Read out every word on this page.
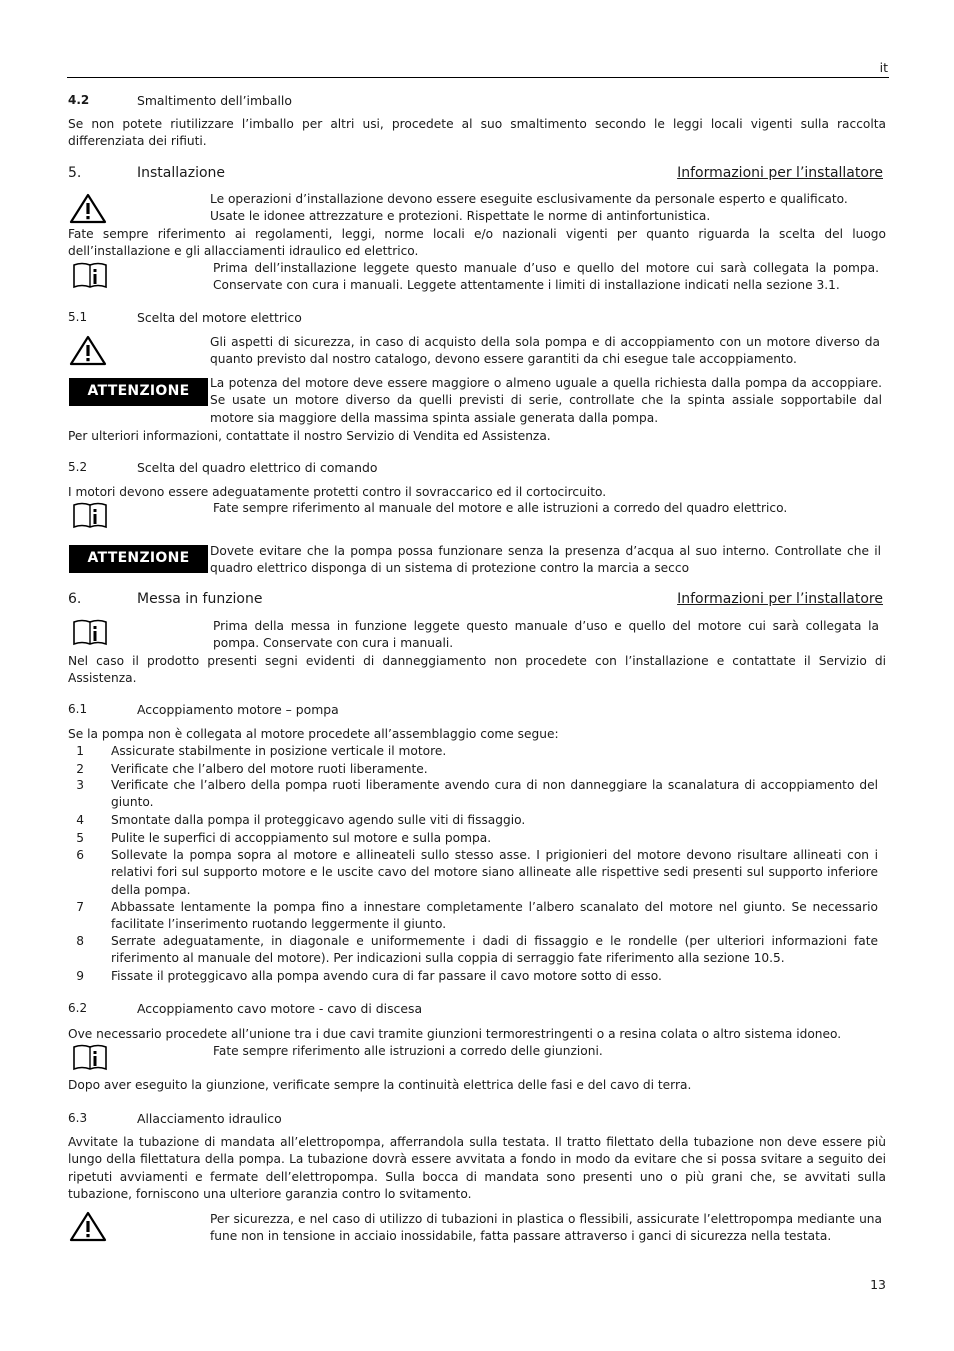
it
4.2	Smaltimento dell’imballo
Se non potete riutilizzare l’imballo per altri usi, procedete al suo smaltimento secondo le leggi locali vigenti sulla raccolta differenziata dei rifiuti.
5.	Installazione	Informazioni per l’installatore
Le operazioni d’installazione devono essere eseguite esclusivamente da personale esperto e qualificato.
Usate le idonee attrezzature e protezioni. Rispettate le norme di antinfortunistica.
Fate sempre riferimento ai regolamenti, leggi, norme locali e/o nazionali vigenti per quanto riguarda la scelta del luogo dell’installazione e gli allacciamenti idraulico ed elettrico.
Prima dell’installazione leggete questo manuale d’uso e quello del motore cui sarà collegata la pompa. Conservate con cura i manuali. Leggete attentamente i limiti di installazione indicati nella sezione 3.1.
5.1	Scelta del motore elettrico
Gli aspetti di sicurezza, in caso di acquisto della sola pompa e di accoppiamento con un motore diverso da quanto previsto dal nostro catalogo, devono essere garantiti da chi esegue tale accoppiamento.
ATTENZIONE
La potenza del motore deve essere maggiore o almeno uguale a quella richiesta dalla pompa da accoppiare. Se usate un motore diverso da quelli previsti di serie, controllate che la spinta assiale sopportabile dal motore sia maggiore della massima spinta assiale generata dalla pompa.
Per ulteriori informazioni, contattate il nostro Servizio di Vendita ed Assistenza.
5.2	Scelta del quadro elettrico di comando
I motori devono essere adeguatamente protetti contro il sovraccarico ed il cortocircuito.
Fate sempre riferimento al manuale del motore e alle istruzioni a corredo del quadro elettrico.
ATTENZIONE	Dovete evitare che la pompa possa funzionare senza la presenza d’acqua al suo interno. Controllate che il quadro elettrico disponga di un sistema di protezione contro la marcia a secco
6.	Messa in funzione	Informazioni per l’installatore
Prima della messa in funzione leggete questo manuale d’uso e quello del motore cui sarà collegata la pompa. Conservate con cura i manuali.
Nel caso il prodotto presenti segni evidenti di danneggiamento non procedete con l’installazione e contattate il Servizio di Assistenza.
6.1	Accoppiamento motore – pompa
Se la pompa non è collegata al motore procedete all’assemblaggio come segue:
1 Assicurate stabilmente in posizione verticale il motore.
2 Verificate che l’albero del motore ruoti liberamente.
3 Verificate che l’albero della pompa ruoti liberamente avendo cura di non danneggiare la scanalatura di accoppiamento del giunto.
4 Smontate dalla pompa il proteggicavo agendo sulle viti di fissaggio.
5 Pulite le superfici di accoppiamento sul motore e sulla pompa.
6 Sollevate la pompa sopra al motore e allineateli sullo stesso asse. I prigionieri del motore devono risultare allineati con i relativi fori sul supporto motore e le uscite cavo del motore siano allineate alle rispettive sedi presenti sul supporto inferiore della pompa.
7 Abbassate lentamente la pompa fino a innestare completamente l’albero scanalato del motore nel giunto. Se necessario facilitate l’inserimento ruotando leggermente il giunto.
8 Serrate adeguatamente, in diagonale e uniformemente i dadi di fissaggio e le rondelle (per ulteriori informazioni fate riferimento al manuale del motore). Per indicazioni sulla coppia di serraggio fate riferimento alla sezione 10.5.
9 Fissate il proteggicavo alla pompa avendo cura di far passare il cavo motore sotto di esso.
6.2	Accoppiamento cavo motore - cavo di discesa
Ove necessario procedete all’unione tra i due cavi tramite giunzioni termorestringenti o a resina colata o altro sistema idoneo.
Fate sempre riferimento alle istruzioni a corredo delle giunzioni.
Dopo aver eseguito la giunzione, verificate sempre la continuità elettrica delle fasi e del cavo di terra.
6.3	Allacciamento idraulico
Avvitate la tubazione di mandata all’elettropompa, afferrandola sulla testata. Il tratto filettato della tubazione non deve essere più lungo della filettatura della pompa. La tubazione dovrà essere avvitata a fondo in modo da evitare che si possa svitare a seguito dei ripetuti avviamenti e fermate dell’elettropompa. Sulla bocca di mandata sono presenti uno o più grani che, se avvitati sulla tubazione, forniscono una ulteriore garanzia contro lo svitamento.
Per sicurezza, e nel caso di utilizzo di tubazioni in plastica o flessibili, assicurate l’elettropompa mediante una fune non in tensione in acciaio inossidabile, fatta passare attraverso i ganci di sicurezza nella testata.
13
